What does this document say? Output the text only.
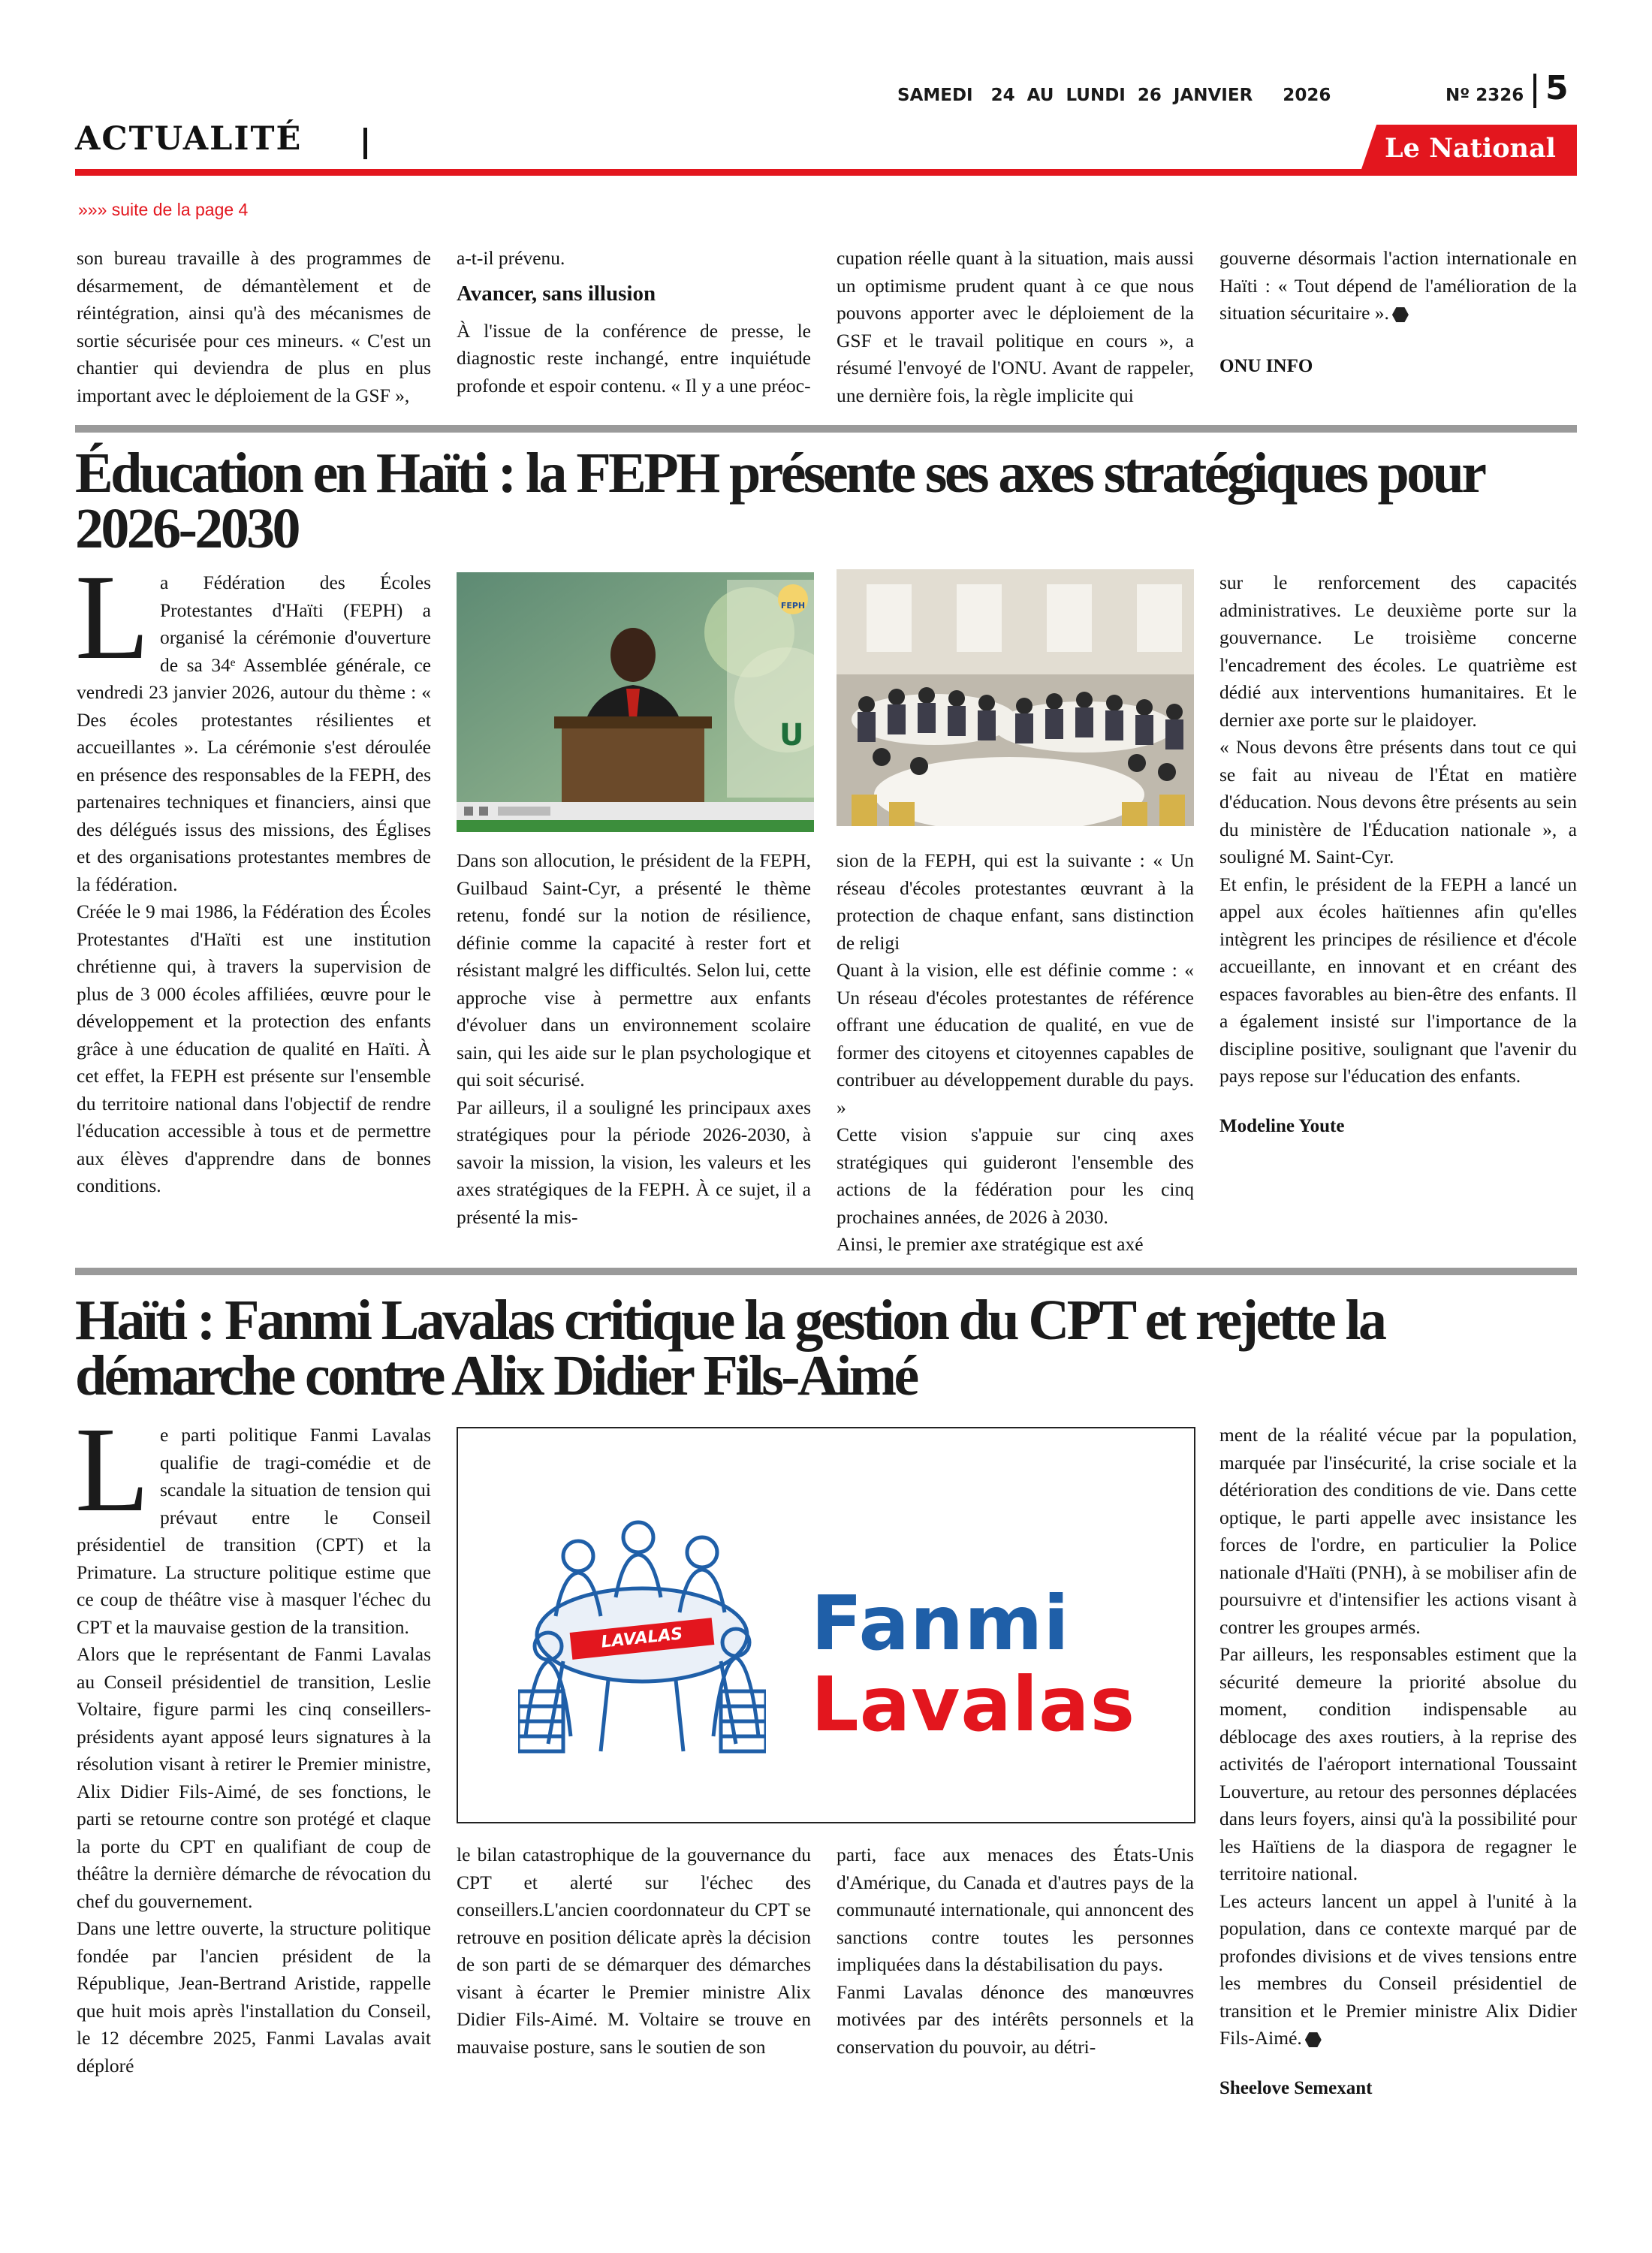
SAMEDI   24  AU  LUNDI  26  JANVIER     2026	Nº 2326 5
ACTUALITÉ	Le National
»»» suite de la page 4

son bureau travaille à des programmes de désarmement, de démantèlement et de réintégration, ainsi qu'à des mécanismes de sortie sécurisée pour ces mineurs. « C'est un chantier qui deviendra de plus en plus important avec le déploiement de la GSF »,

a-t-il prévenu.

Avancer, sans illusion

À l'issue de la conférence de presse, le diagnostic reste inchangé, entre inquiétude profonde et espoir contenu. « Il y a une préoc-

cupation réelle quant à la situation, mais aussi un optimisme prudent quant à ce que nous pouvons apporter avec le déploiement de la GSF et le travail politique en cours », a résumé l'envoyé de l'ONU. Avant de rappeler, une dernière fois, la règle implicite qui

gouverne désormais l'action internationale en Haïti : « Tout dépend de l'amélioration de la situation sécuritaire ».

ONU INFO
Éducation en Haïti : la FEPH présente ses axes stratégiques pour 2026-2030

La Fédération des Écoles Protestantes d'Haïti (FEPH) a organisé la cérémonie d'ouverture de sa 34ᵉ Assemblée générale, ce vendredi 23 janvier 2026, autour du thème : « Des écoles protestantes résilientes et accueillantes ». La cérémonie s'est déroulée en présence des responsables de la FEPH, des partenaires techniques et financiers, ainsi que des délégués issus des missions, des Églises et des organisations protestantes membres de la fédération.

Créée le 9 mai 1986, la Fédération des Écoles Protestantes d'Haïti est une institution chrétienne qui, à travers la supervision de plus de 3 000 écoles affiliées, œuvre pour le développement et la protection des enfants grâce à une éducation de qualité en Haïti. À cet effet, la FEPH est présente sur l'ensemble du territoire national dans l'objectif de rendre l'éducation accessible à tous et de permettre aux élèves d'apprendre dans de bonnes conditions.

U
FEPH

Dans son allocution, le président de la FEPH, Guilbaud Saint-Cyr, a présenté le thème retenu, fondé sur la notion de résilience, définie comme la capacité à rester fort et résistant malgré les difficultés. Selon lui, cette approche vise à permettre aux enfants d'évoluer dans un environnement scolaire sain, qui les aide sur le plan psychologique et qui soit sécurisé.

Par ailleurs, il a souligné les principaux axes stratégiques pour la période 2026-2030, à savoir la mission, la vision, les valeurs et les axes stratégiques de la FEPH. À ce sujet, il a présenté la mis-

sion de la FEPH, qui est la suivante : « Un réseau d'écoles protestantes œuvrant à la protection de chaque enfant, sans distinction de religi

Quant à la vision, elle est définie comme : « Un réseau d'écoles protestantes de référence offrant une éducation de qualité, en vue de former des citoyens et citoyennes capables de contribuer au développement durable du pays. »

Cette vision s'appuie sur cinq axes stratégiques qui guideront l'ensemble des actions de la fédération pour les cinq prochaines années, de 2026 à 2030.

Ainsi, le premier axe stratégique est axé

sur le renforcement des capacités administratives. Le deuxième porte sur la gouvernance. Le troisième concerne l'encadrement des écoles. Le quatrième est dédié aux interventions humanitaires. Et le dernier axe porte sur le plaidoyer.

« Nous devons être présents dans tout ce qui se fait au niveau de l'État en matière d'éducation. Nous devons être présents au sein du ministère de l'Éducation nationale », a souligné M. Saint-Cyr.

Et enfin, le président de la FEPH a lancé un appel aux écoles haïtiennes afin qu'elles intègrent les principes de résilience et d'école accueillante, en innovant et en créant des espaces favorables au bien-être des enfants. Il a également insisté sur l'importance de la discipline positive, soulignant que l'avenir du pays repose sur l'éducation des enfants.

Modeline Youte
Haïti : Fanmi Lavalas critique la gestion du CPT et rejette la démarche contre Alix Didier Fils-Aimé

Le parti politique Fanmi Lavalas qualifie de tragi-comédie et de scandale la situation de tension qui prévaut entre le Conseil présidentiel de transition (CPT) et la Primature. La structure politique estime que ce coup de théâtre vise à masquer l'échec du CPT et la mauvaise gestion de la transition.

Alors que le représentant de Fanmi Lavalas au Conseil présidentiel de transition, Leslie Voltaire, figure parmi les cinq conseillers-présidents ayant apposé leurs signatures à la résolution visant à retirer le Premier ministre, Alix Didier Fils-Aimé, de ses fonctions, le parti se retourne contre son protégé et claque la porte du CPT en qualifiant de coup de théâtre la dernière démarche de révocation du chef du gouvernement.

Dans une lettre ouverte, la structure politique fondée par l'ancien président de la République, Jean-Bertrand Aristide, rappelle que huit mois après l'installation du Conseil, le 12 décembre 2025, Fanmi Lavalas avait déploré

LAVALAS	Fanmi
Lavalas

le bilan catastrophique de la gouvernance du CPT et alerté sur l'échec des conseillers.L'ancien coordonnateur du CPT se retrouve en position délicate après la décision de son parti de se démarquer des démarches visant à écarter le Premier ministre Alix Didier Fils-Aimé. M. Voltaire se trouve en mauvaise posture, sans le soutien de son

parti, face aux menaces des États-Unis d'Amérique, du Canada et d'autres pays de la communauté internationale, qui annoncent des sanctions contre toutes les personnes impliquées dans la déstabilisation du pays.

Fanmi Lavalas dénonce des manœuvres motivées par des intérêts personnels et la conservation du pouvoir, au détri-

ment de la réalité vécue par la population, marquée par l'insécurité, la crise sociale et la détérioration des conditions de vie. Dans cette optique, le parti appelle avec insistance les forces de l'ordre, en particulier la Police nationale d'Haïti (PNH), à se mobiliser afin de poursuivre et d'intensifier les actions visant à contrer les groupes armés.

Par ailleurs, les responsables estiment que la sécurité demeure la priorité absolue du moment, condition indispensable au déblocage des axes routiers, à la reprise des activités de l'aéroport international Toussaint Louverture, au retour des personnes déplacées dans leurs foyers, ainsi qu'à la possibilité pour les Haïtiens de la diaspora de regagner le territoire national.

Les acteurs lancent un appel à l'unité à la population, dans ce contexte marqué par de profondes divisions et de vives tensions entre les membres du Conseil présidentiel de transition et le Premier ministre Alix Didier Fils-Aimé.

Sheelove Semexant
